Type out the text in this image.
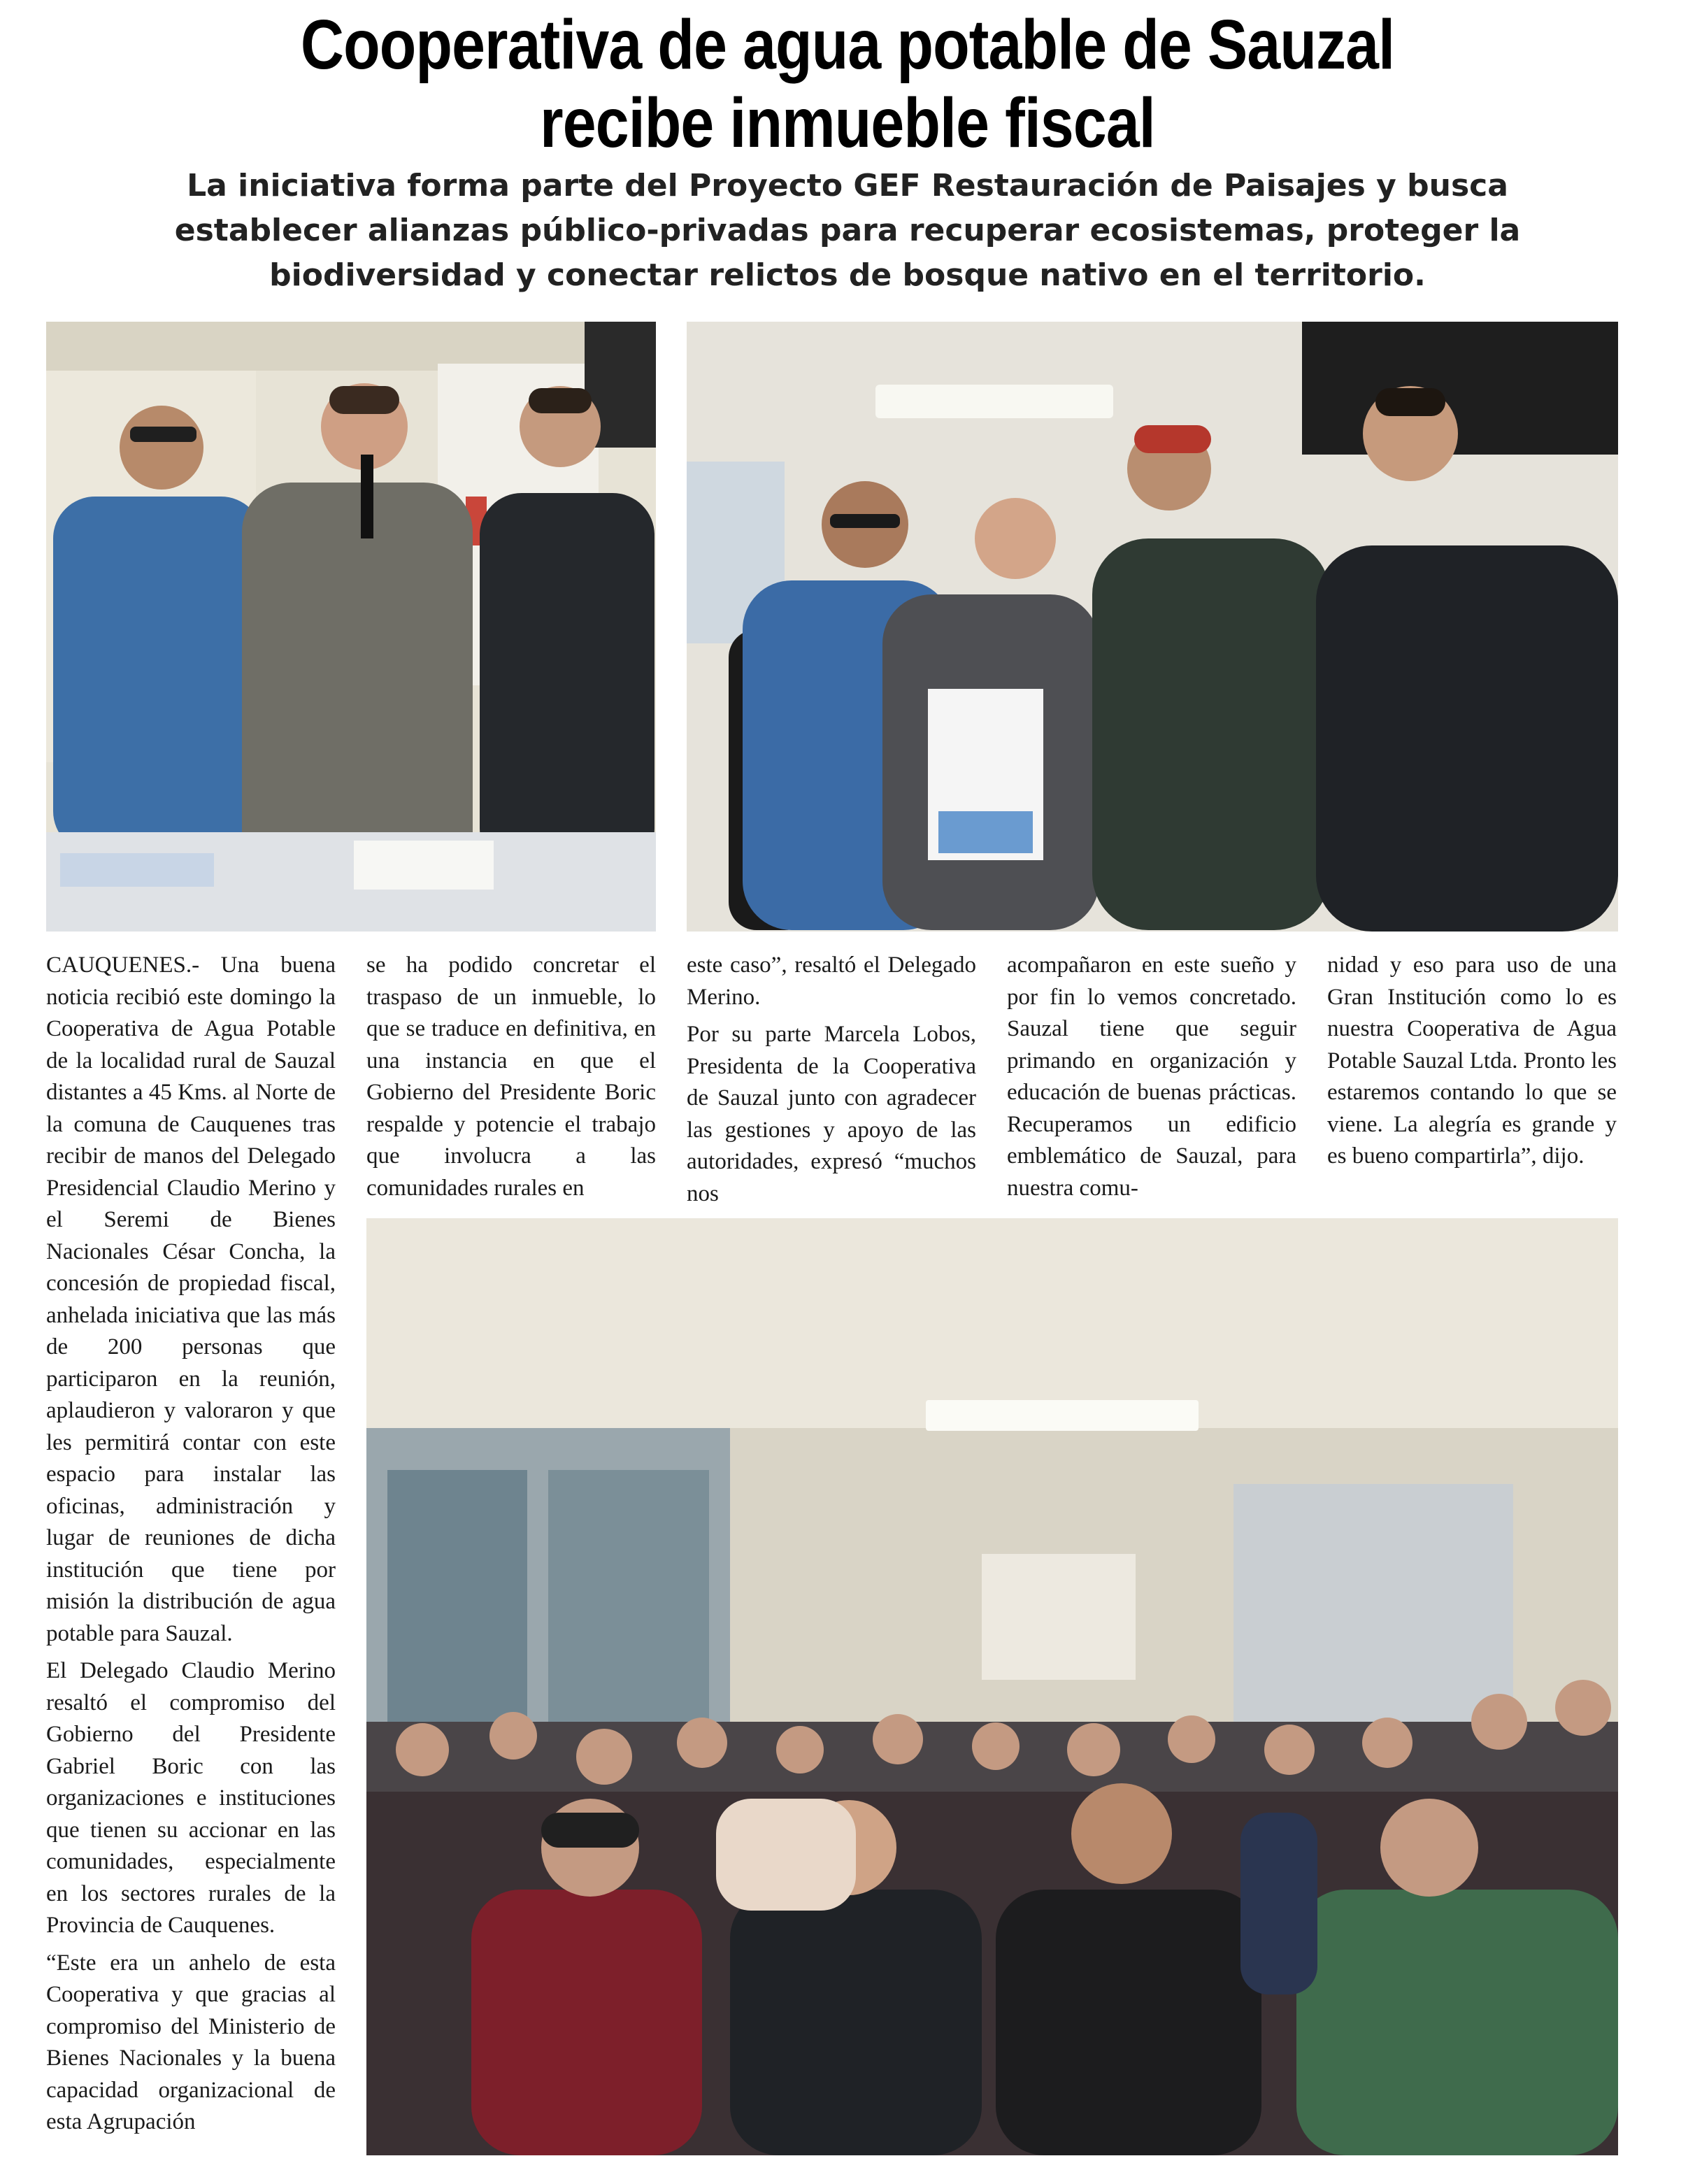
Cooperativa de agua potable de Sauzal recibe inmueble fiscal
La iniciativa forma parte del Proyecto GEF Restauración de Paisajes y busca establecer alianzas público-privadas para recuperar ecosistemas, proteger la biodiversidad y conectar relictos de bosque nativo en el territorio.

CAUQUENES.- Una buena noticia recibió este domingo la Cooperativa de Agua Potable de la localidad rural de Sauzal distantes a 45 Kms. al Norte de la comuna de Cauquenes tras recibir de manos del Delegado Presidencial Claudio Merino y el Seremi de Bienes Nacionales César Concha, la concesión de propiedad fiscal, anhelada iniciativa que las más de 200 personas que participaron en la reunión, aplaudieron y valoraron y que les permitirá contar con este espacio para instalar las oficinas, administración y lugar de reuniones de dicha institución que tiene por misión la distribución de agua potable para Sauzal.

El Delegado Claudio Merino resaltó el compromiso del Gobierno del Presidente Gabriel Boric con las organizaciones e instituciones que tienen su accionar en las comunidades, especialmente en los sectores rurales de la Provincia de Cauquenes.

“Este era un anhelo de esta Cooperativa y que gracias al compromiso del Ministerio de Bienes Nacionales y la buena capacidad organizacional de esta Agrupación

se ha podido concretar el traspaso de un inmueble, lo que se traduce en definitiva, en una instancia en que el Gobierno del Presidente Boric respalde y potencie el trabajo que involucra a las comunidades rurales en

este caso”, resaltó el Delegado Merino.

Por su parte Marcela Lobos, Presidenta de la Cooperativa de Sauzal junto con agradecer las gestiones y apoyo de las autoridades, expresó “muchos nos

acompañaron en este sueño y por fin lo vemos concretado. Sauzal tiene que seguir primando en organización y educación de buenas prácticas. Recuperamos un edificio emblemático de Sauzal, para nuestra comu-

nidad y eso para uso de una Gran Institución como lo es nuestra Cooperativa de Agua Potable Sauzal Ltda. Pronto les estaremos contando lo que se viene. La alegría es grande y es bueno compartirla”, dijo.
